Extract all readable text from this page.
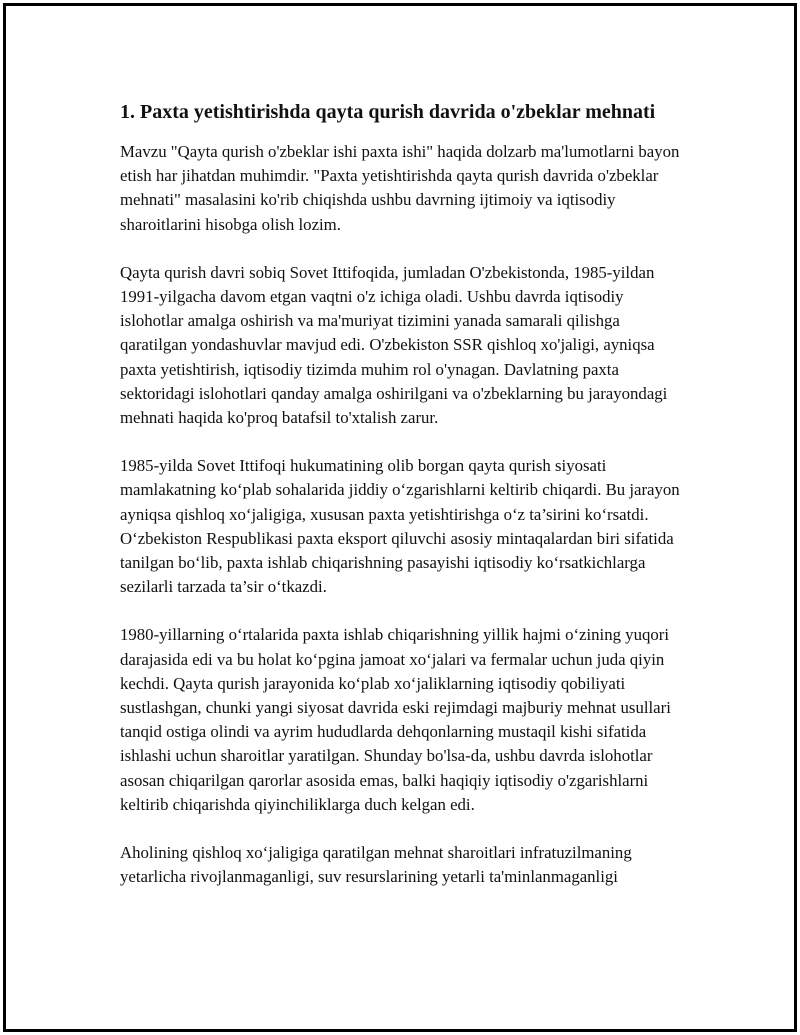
1. Paxta yetishtirishda qayta qurish davrida o'zbeklar mehnati

Mavzu "Qayta qurish o'zbeklar ishi paxta ishi" haqida dolzarb ma'lumotlarni bayon etish har jihatdan muhimdir. "Paxta yetishtirishda qayta qurish davrida o'zbeklar mehnati" masalasini ko'rib chiqishda ushbu davrning ijtimoiy va iqtisodiy sharoitlarini hisobga olish lozim.

Qayta qurish davri sobiq Sovet Ittifoqida, jumladan O'zbekistonda, 1985-yildan 1991-yilgacha davom etgan vaqtni o'z ichiga oladi. Ushbu davrda iqtisodiy islohotlar amalga oshirish va ma'muriyat tizimini yanada samarali qilishga qaratilgan yondashuvlar mavjud edi. O'zbekiston SSR qishloq xo'jaligi, ayniqsa paxta yetishtirish, iqtisodiy tizimda muhim rol o'ynagan. Davlatning paxta sektoridagi islohotlari qanday amalga oshirilgani va o'zbeklarning bu jarayondagi mehnati haqida ko'proq batafsil to'xtalish zarur.

1985-yilda Sovet Ittifoqi hukumatining olib borgan qayta qurish siyosati mamlakatning ko‘plab sohalarida jiddiy o‘zgarishlarni keltirib chiqardi. Bu jarayon ayniqsa qishloq xo‘jaligiga, xususan paxta yetishtirishga o‘z ta’sirini ko‘rsatdi. O‘zbekiston Respublikasi paxta eksport qiluvchi asosiy mintaqalardan biri sifatida tanilgan bo‘lib, paxta ishlab chiqarishning pasayishi iqtisodiy ko‘rsatkichlarga sezilarli tarzada ta’sir o‘tkazdi.

1980-yillarning o‘rtalarida paxta ishlab chiqarishning yillik hajmi o‘zining yuqori darajasida edi va bu holat ko‘pgina jamoat xo‘jalari va fermalar uchun juda qiyin kechdi. Qayta qurish jarayonida ko‘plab xo‘jaliklarning iqtisodiy qobiliyati sustlashgan, chunki yangi siyosat davrida eski rejimdagi majburiy mehnat usullari tanqid ostiga olindi va ayrim hududlarda dehqonlarning mustaqil kishi sifatida ishlashi uchun sharoitlar yaratilgan. Shunday bo'lsa-da, ushbu davrda islohotlar asosan chiqarilgan qarorlar asosida emas, balki haqiqiy iqtisodiy o'zgarishlarni keltirib chiqarishda qiyinchiliklarga duch kelgan edi.

Aholining qishloq xo‘jaligiga qaratilgan mehnat sharoitlari infratuzilmaning yetarlicha rivojlanmaganligi, suv resurslarining yetarli ta'minlanmaganligi
